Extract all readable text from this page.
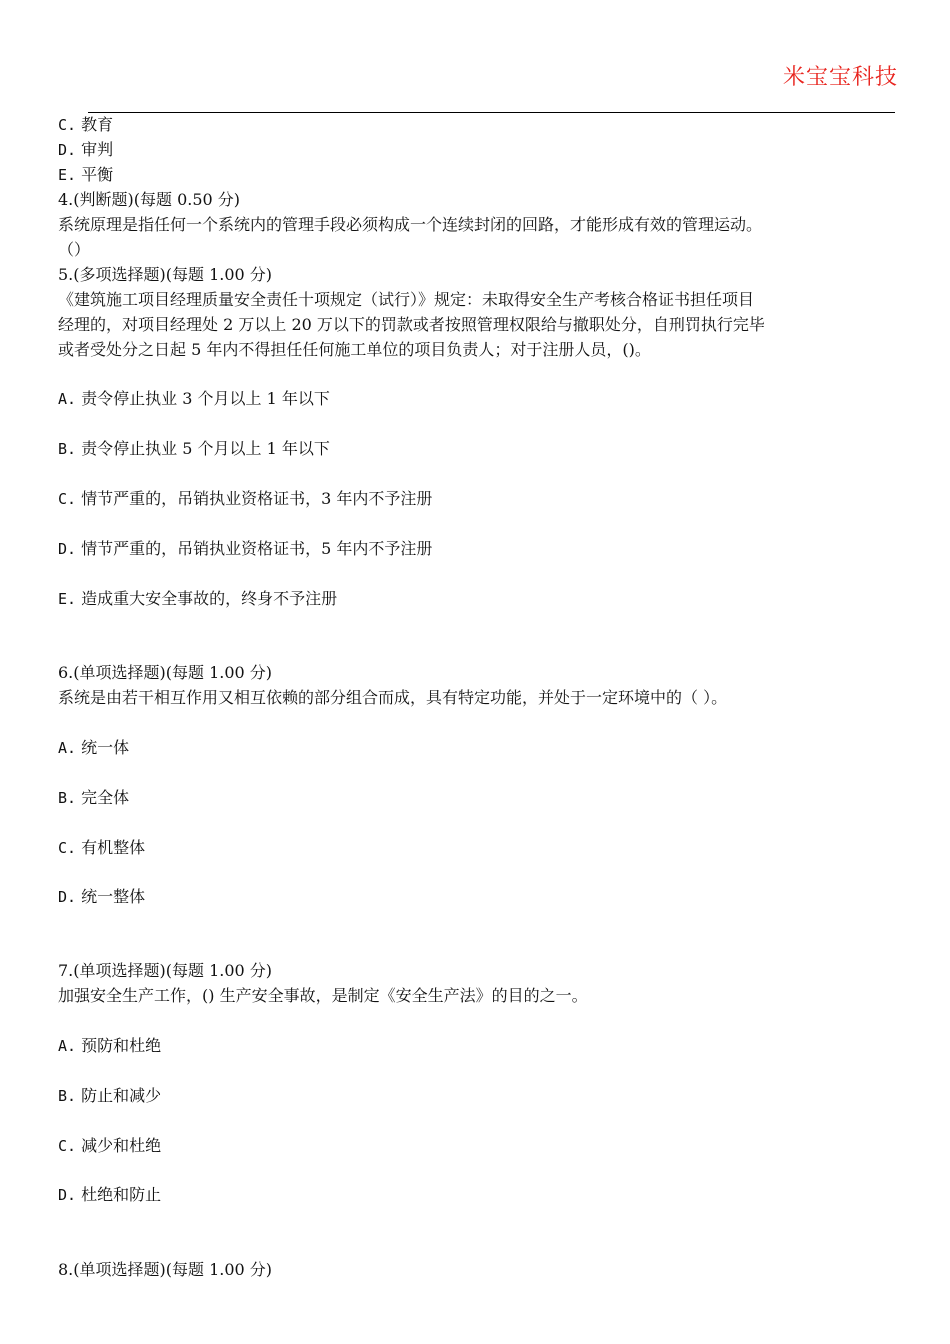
米宝宝科技
C. 教育
D. 审判
E. 平衡
4.(判断题)(每题 0.50 分)
系统原理是指任何一个系统内的管理手段必须构成一个连续封闭的回路，才能形成有效的管理运动。
（）
5.(多项选择题)(每题 1.00 分)
《建筑施工项目经理质量安全责任十项规定（试行）》规定：未取得安全生产考核合格证书担任项目
经理的，对项目经理处 2 万以上 20 万以下的罚款或者按照管理权限给与撤职处分，自刑罚执行完毕
或者受处分之日起 5 年内不得担任任何施工单位的项目负责人；对于注册人员，()。
A. 责令停止执业 3 个月以上 1 年以下
B. 责令停止执业 5 个月以上 1 年以下
C. 情节严重的，吊销执业资格证书，3 年内不予注册
D. 情节严重的，吊销执业资格证书，5 年内不予注册
E. 造成重大安全事故的，终身不予注册
6.(单项选择题)(每题 1.00 分)
系统是由若干相互作用又相互依赖的部分组合而成，具有特定功能，并处于一定环境中的（ ）。
A. 统一体
B. 完全体
C. 有机整体
D. 统一整体
7.(单项选择题)(每题 1.00 分)
加强安全生产工作，() 生产安全事故，是制定《安全生产法》的目的之一。
A. 预防和杜绝
B. 防止和减少
C. 减少和杜绝
D. 杜绝和防止
8.(单项选择题)(每题 1.00 分)
